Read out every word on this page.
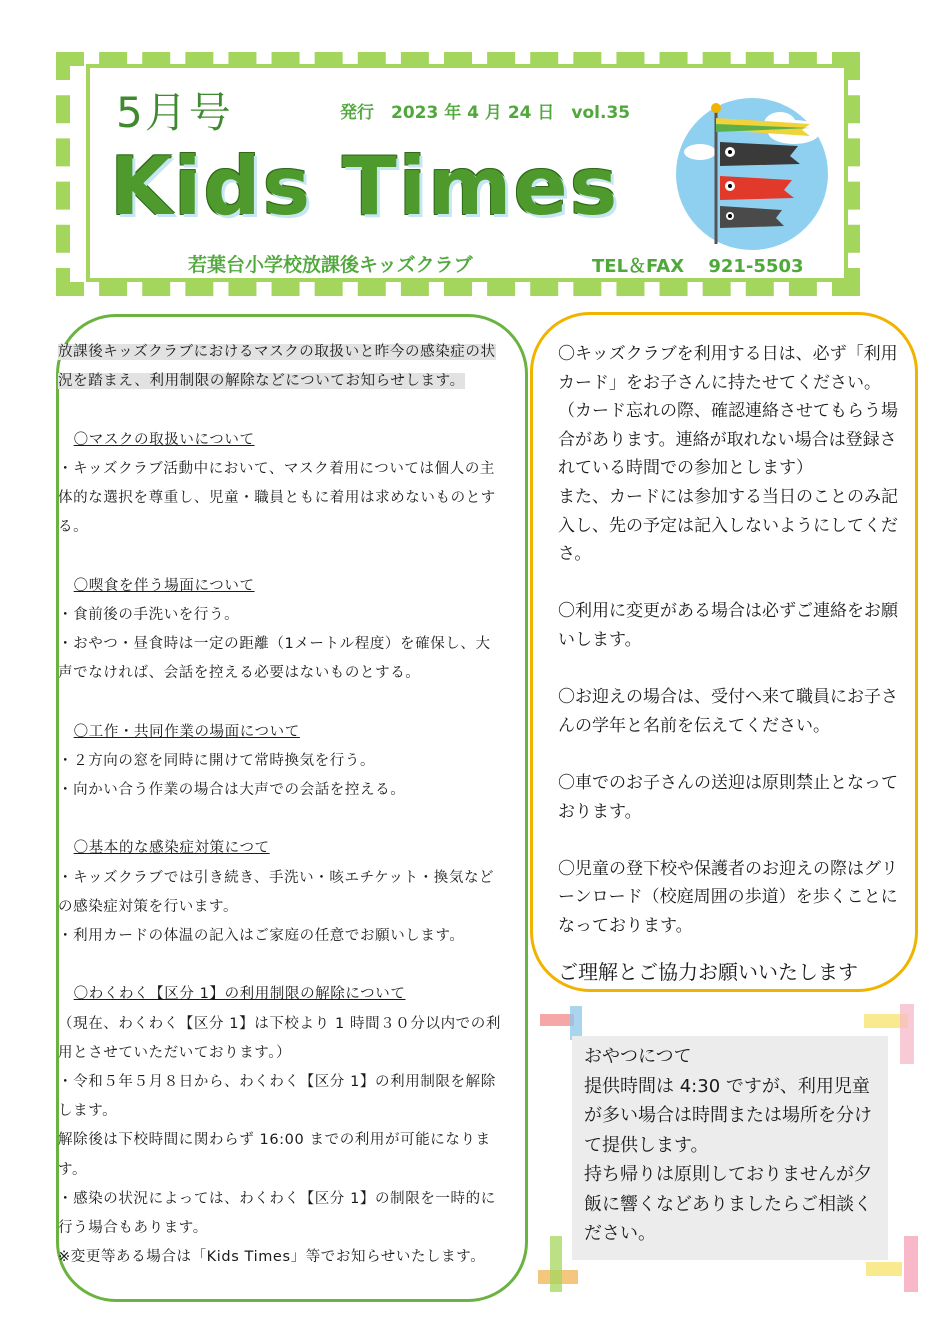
5月号	発行　2023 年 4 月 24 日　vol.35
Kids Times
若葉台小学校放課後キッズクラブ	TEL＆FAX　 921-5503
放課後キッズクラブにおけるマスクの取扱いと昨今の感染症の状況を踏まえ、利用制限の解除などについてお知らせします。

〇マスクの取扱いについて
・キッズクラブ活動中において、マスク着用については個人の主体的な選択を尊重し、児童・職員ともに着用は求めないものとする。

〇喫食を伴う場面について
・食前後の手洗いを行う。
・おやつ・昼食時は一定の距離（1メートル程度）を確保し、大声でなければ、会話を控える必要はないものとする。

〇工作・共同作業の場面について
・２方向の窓を同時に開けて常時換気を行う。
・向かい合う作業の場合は大声での会話を控える。

〇基本的な感染症対策につて
・キッズクラブでは引き続き、手洗い・咳エチケット・換気などの感染症対策を行います。
・利用カードの体温の記入はご家庭の任意でお願いします。

〇わくわく【区分 1】の利用制限の解除について
（現在、わくわく【区分 1】は下校より 1 時間３０分以内での利用とさせていただいております。）
・令和５年５月８日から、わくわく【区分 1】の利用制限を解除します。
解除後は下校時間に関わらず 16:00 までの利用が可能になります。
・感染の状況によっては、わくわく【区分 1】の制限を一時的に行う場合もあります。
※変更等ある場合は「Kids Times」等でお知らせいたします。
〇キッズクラブを利用する日は、必ず「利用カード」をお子さんに持たせてください。
（カード忘れの際、確認連絡させてもらう場合があります。連絡が取れない場合は登録されている時間での参加とします）
また、カードには参加する当日のことのみ記入し、先の予定は記入しないようにしてくださ。

〇利用に変更がある場合は必ずご連絡をお願いします。

〇お迎えの場合は、受付へ来て職員にお子さんの学年と名前を伝えてください。

〇車でのお子さんの送迎は原則禁止となっております。

〇児童の登下校や保護者のお迎えの際はグリーンロード（校庭周囲の歩道）を歩くことになっております。
ご理解とご協力お願いいたします
おやつにつて
提供時間は 4:30 ですが、利用児童が多い場合は時間または場所を分けて提供します。
持ち帰りは原則しておりませんが夕飯に響くなどありましたらご相談ください。
